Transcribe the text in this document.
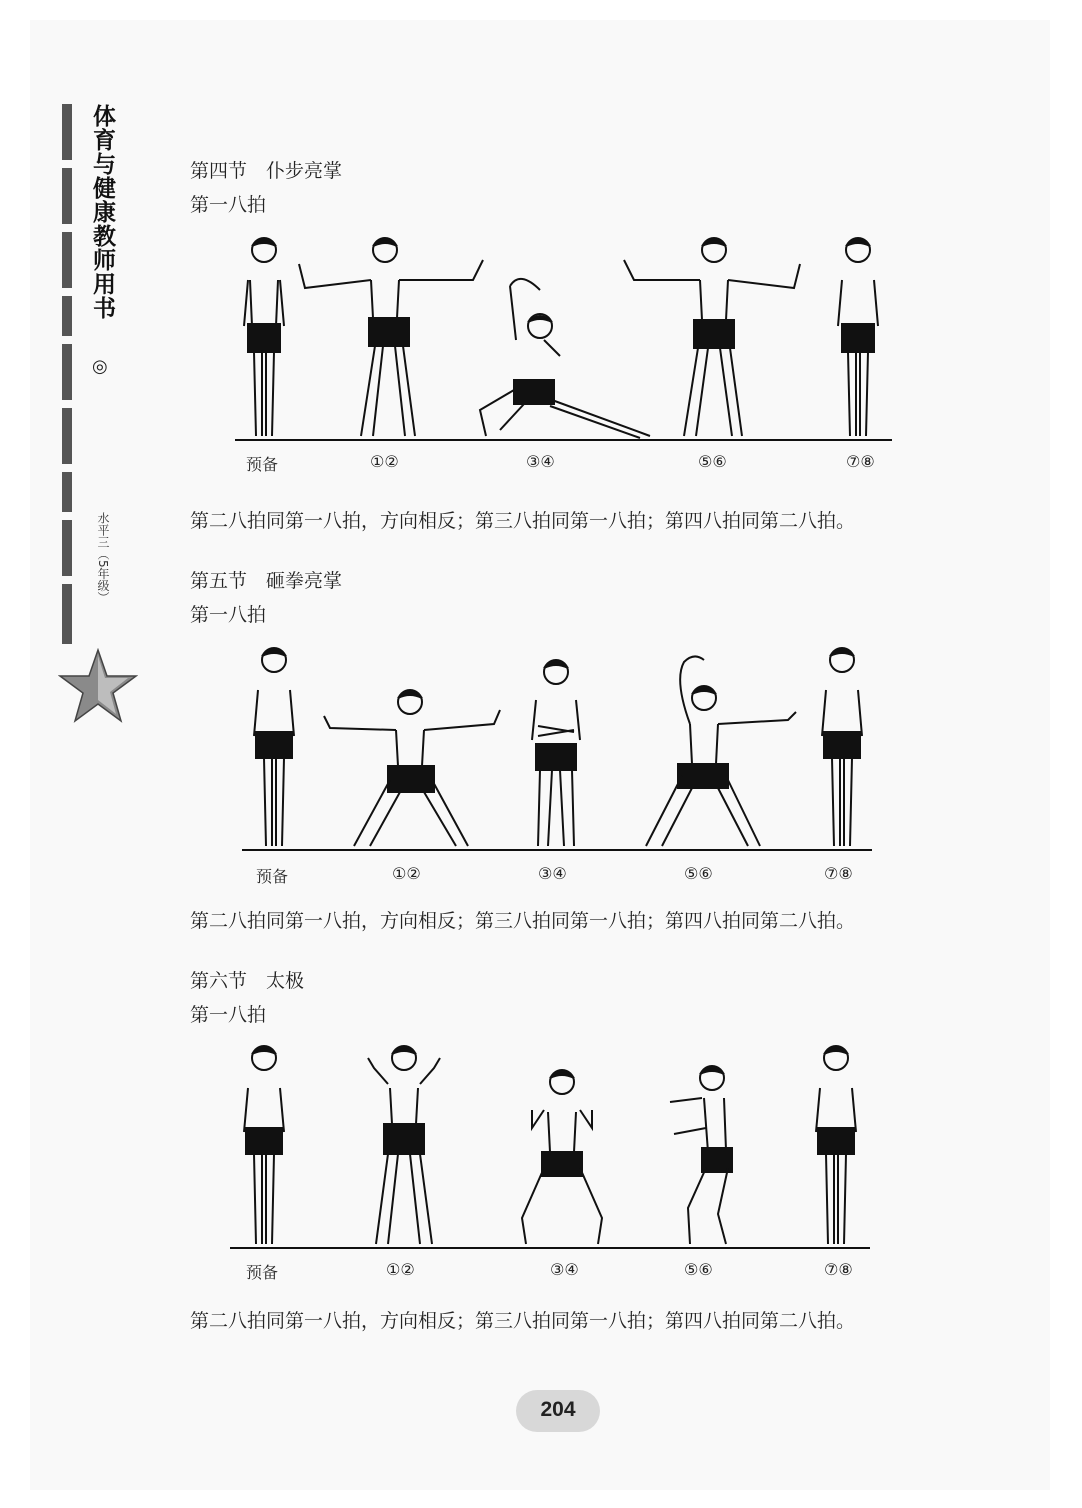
体育与健康教师用书
◎
水平三（5年级）
第四节　仆步亮掌
第一八拍
预备	①②	③④	⑤⑥	⑦⑧
第二八拍同第一八拍，方向相反；第三八拍同第一八拍；第四八拍同第二八拍。
第五节　砸拳亮掌
第一八拍
预备	①②	③④	⑤⑥	⑦⑧
第二八拍同第一八拍，方向相反；第三八拍同第一八拍；第四八拍同第二八拍。
第六节　太极
第一八拍
预备	①②	③④	⑤⑥	⑦⑧
第二八拍同第一八拍，方向相反；第三八拍同第一八拍；第四八拍同第二八拍。
204
